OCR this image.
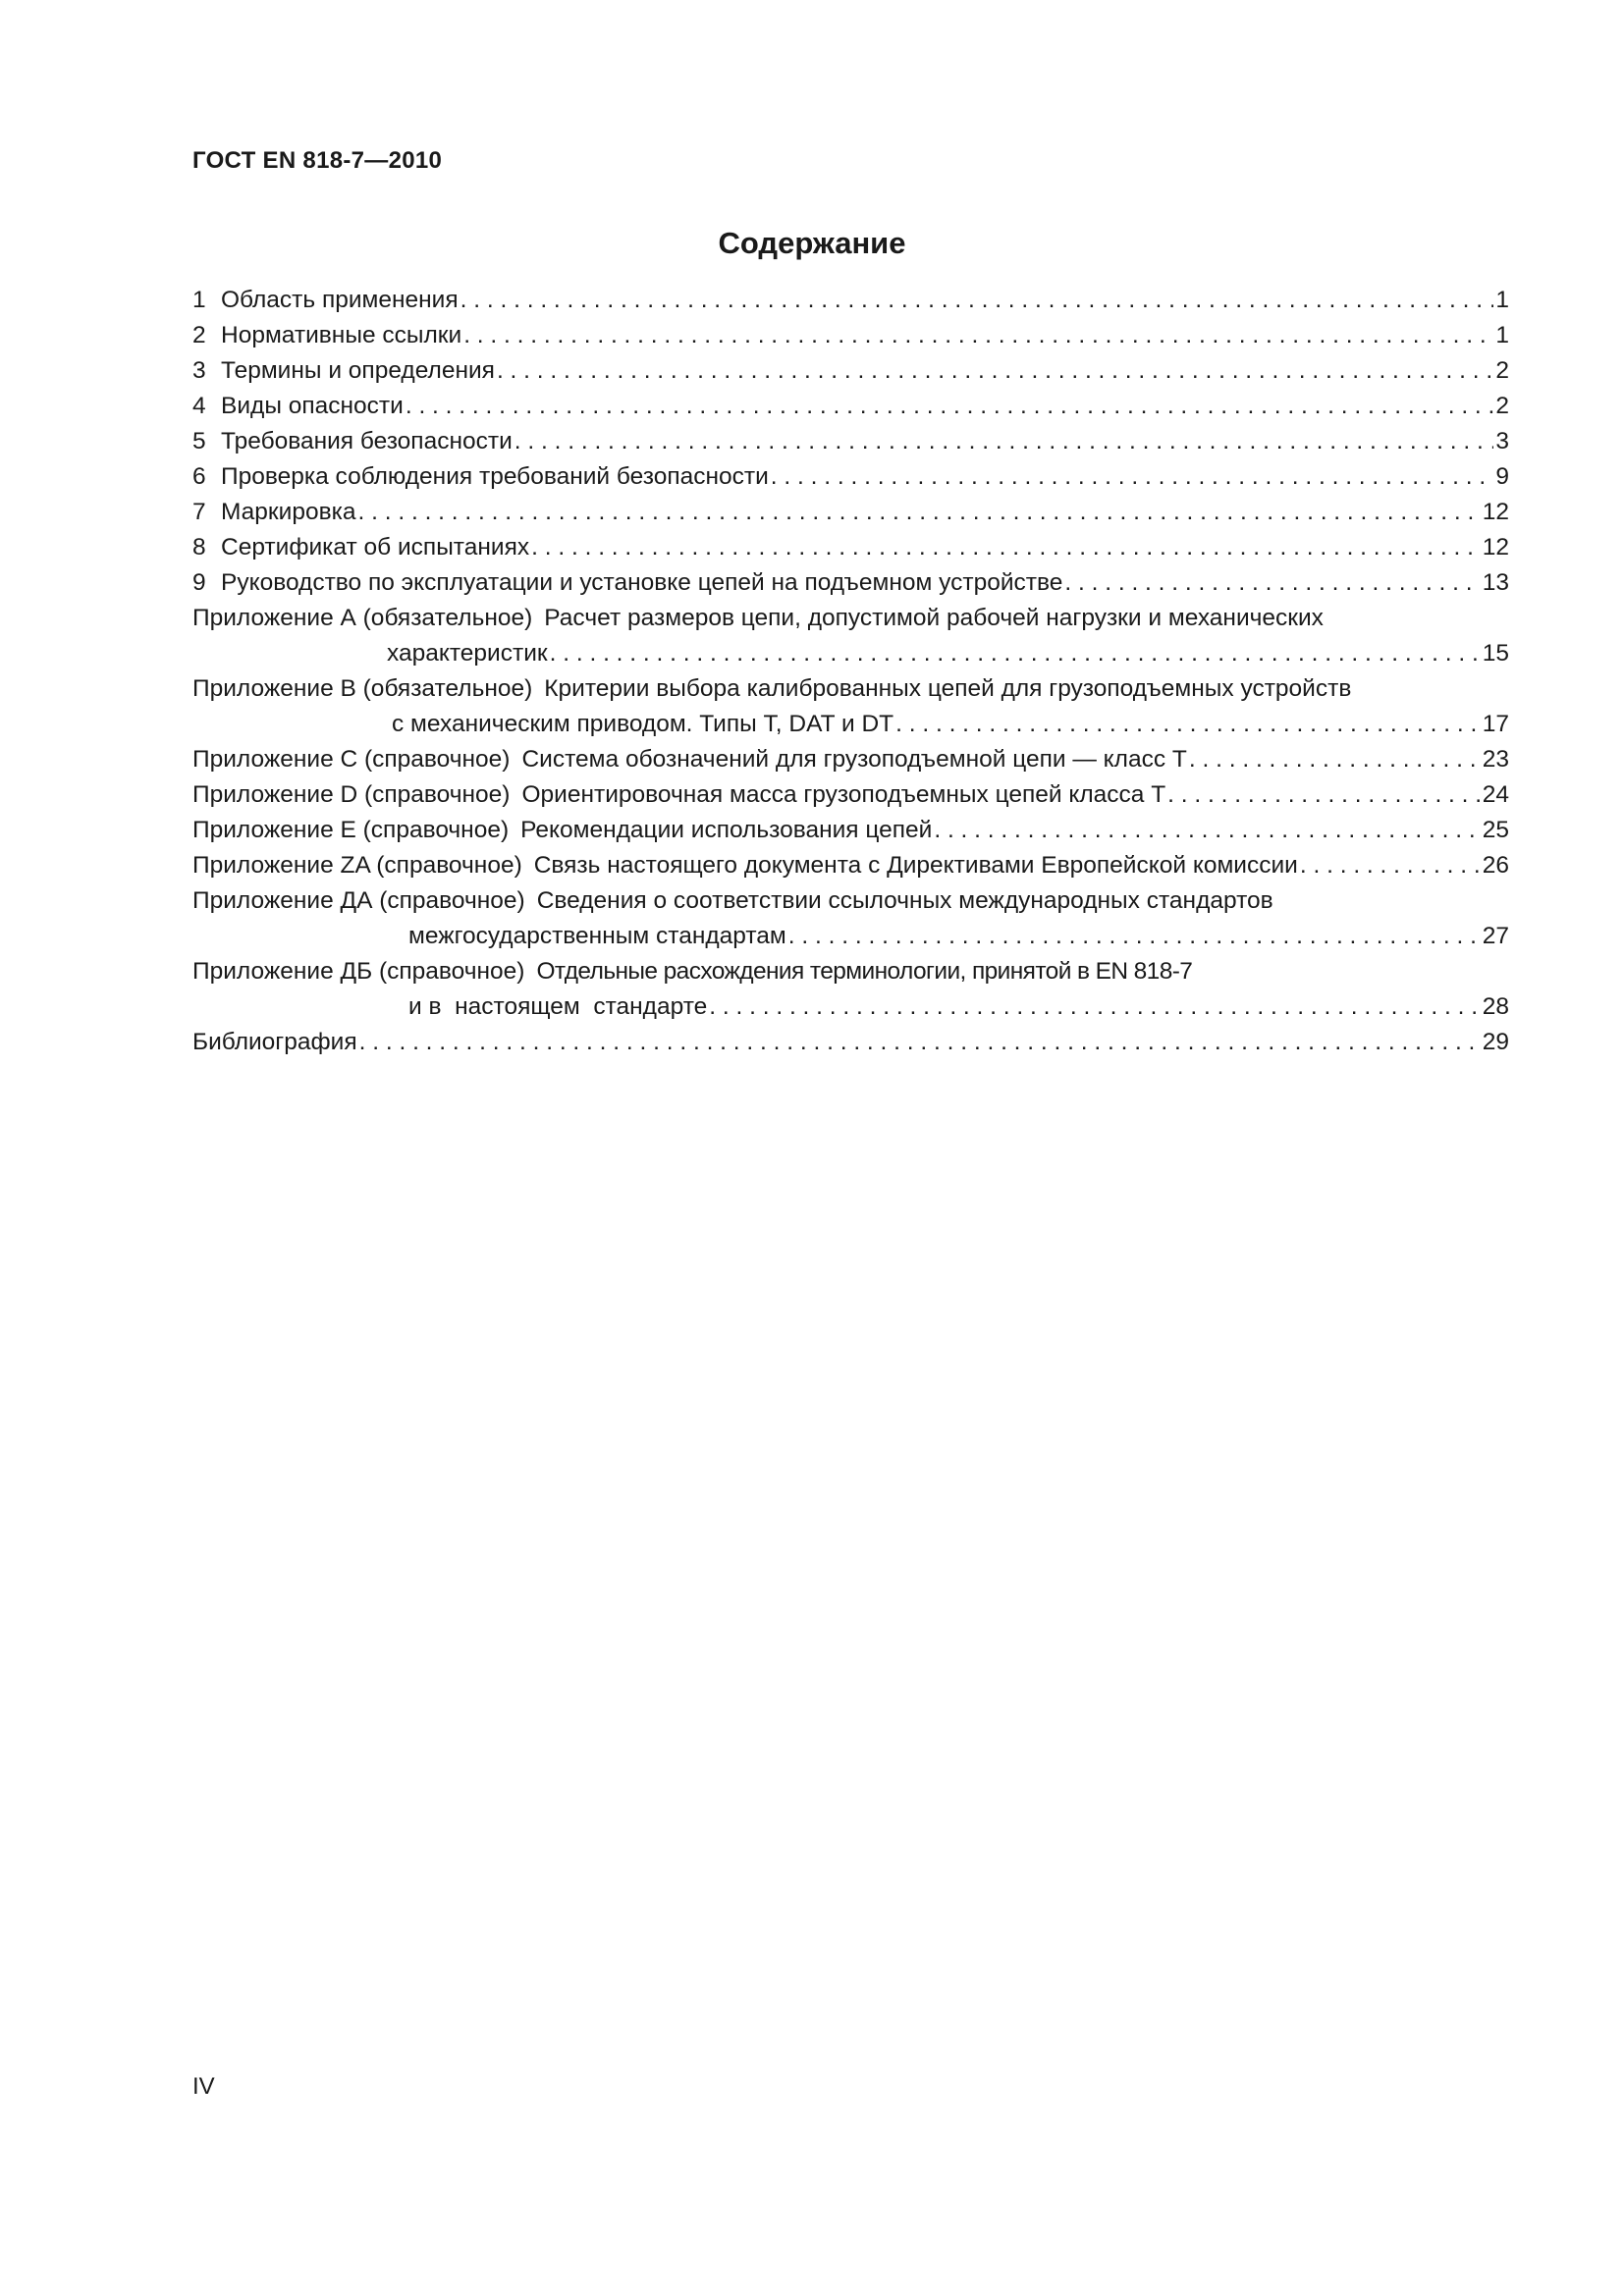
ГОСТ EN 818-7—2010
Содержание
1 Область применения . . .	1
2 Нормативные ссылки . . .	1
3 Термины и определения . . .	2
4 Виды опасности . . .	2
5 Требования безопасности . . .	3
6 Проверка соблюдения требований безопасности . . .	9
7 Маркировка . . .	12
8 Сертификат об испытаниях . . .	12
9 Руководство по эксплуатации и установке цепей на подъемном устройстве . . .	13
Приложение А (обязательное) Расчет размеров цепи, допустимой рабочей нагрузки и механических
характеристик . . .	15
Приложение В (обязательное) Критерии выбора калиброванных цепей для грузоподъемных устройств
с механическим приводом. Типы T, DAT и DT . . .	17
Приложение С (справочное) Система обозначений для грузоподъемной цепи — класс Т . . .	23
Приложение D (справочное) Ориентировочная масса грузоподъемных цепей класса Т . . .	24
Приложение Е (справочное) Рекомендации использования цепей . . .	25
Приложение ZA (справочное) Связь настоящего документа с Директивами Европейской комиссии . . .	26
Приложение ДА (справочное) Сведения о соответствии ссылочных международных стандартов
межгосударственным стандартам . . .	27
Приложение ДБ (справочное) Отдельные расхождения терминологии, принятой в EN 818-7
и в  настоящем  стандарте . . .	28
Библиография . . .	29
IV
